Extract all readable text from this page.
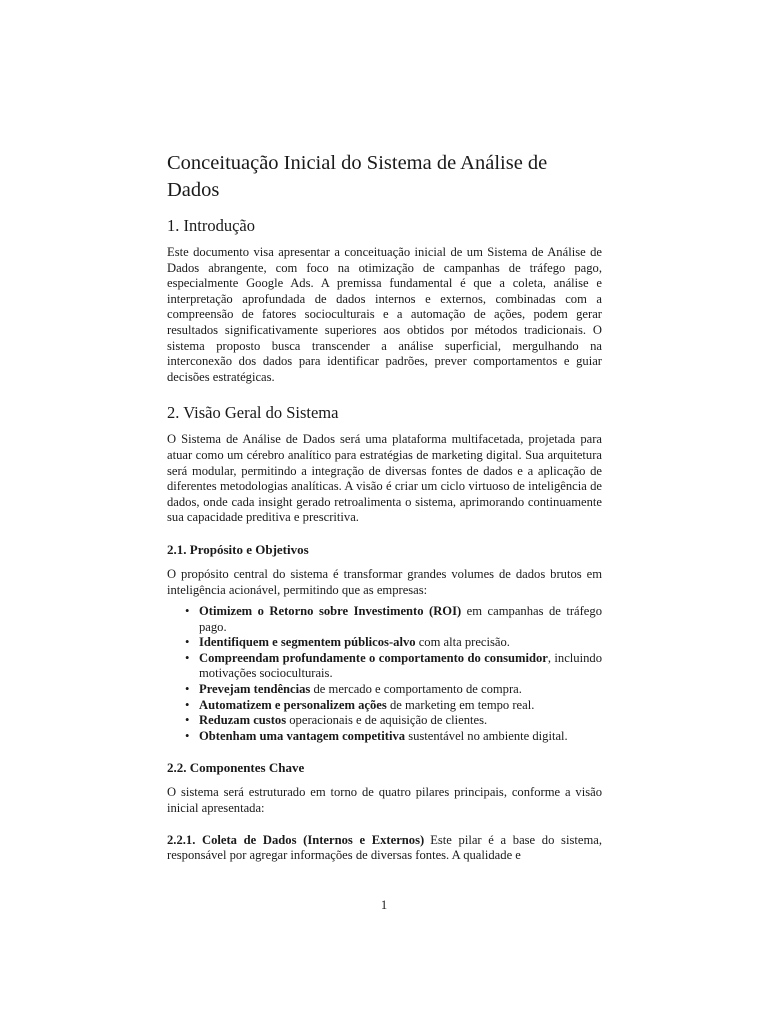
Conceituação Inicial do Sistema de Análise de Dados
1. Introdução

Este documento visa apresentar a conceituação inicial de um Sistema de Análise de Dados abrangente, com foco na otimização de campanhas de tráfego pago, especialmente Google Ads. A premissa fundamental é que a coleta, análise e interpretação aprofundada de dados internos e externos, combinadas com a compreensão de fatores socioculturais e a automação de ações, podem gerar resultados significativamente superiores aos obtidos por métodos tradicionais. O sistema proposto busca transcender a análise superficial, mergulhando na interconexão dos dados para identificar padrões, prever comportamentos e guiar decisões estratégicas.

2. Visão Geral do Sistema

O Sistema de Análise de Dados será uma plataforma multifacetada, projetada para atuar como um cérebro analítico para estratégias de marketing digital. Sua arquitetura será modular, permitindo a integração de diversas fontes de dados e a aplicação de diferentes metodologias analíticas. A visão é criar um ciclo virtuoso de inteligência de dados, onde cada insight gerado retroalimenta o sistema, aprimorando continuamente sua capacidade preditiva e prescritiva.

2.1. Propósito e Objetivos

O propósito central do sistema é transformar grandes volumes de dados brutos em inteligência acionável, permitindo que as empresas:

• Otimizem o Retorno sobre Investimento (ROI) em campanhas de tráfego pago.
• Identifiquem e segmentem públicos-alvo com alta precisão.
• Compreendam profundamente o comportamento do consumidor, incluindo motivações socioculturais.
• Prevejam tendências de mercado e comportamento de compra.
• Automatizem e personalizem ações de marketing em tempo real.
• Reduzam custos operacionais e de aquisição de clientes.
• Obtenham uma vantagem competitiva sustentável no ambiente digital.
2.2. Componentes Chave

O sistema será estruturado em torno de quatro pilares principais, conforme a visão inicial apresentada:

2.2.1. Coleta de Dados (Internos e Externos) Este pilar é a base do sistema, responsável por agregar informações de diversas fontes. A qualidade e

1
